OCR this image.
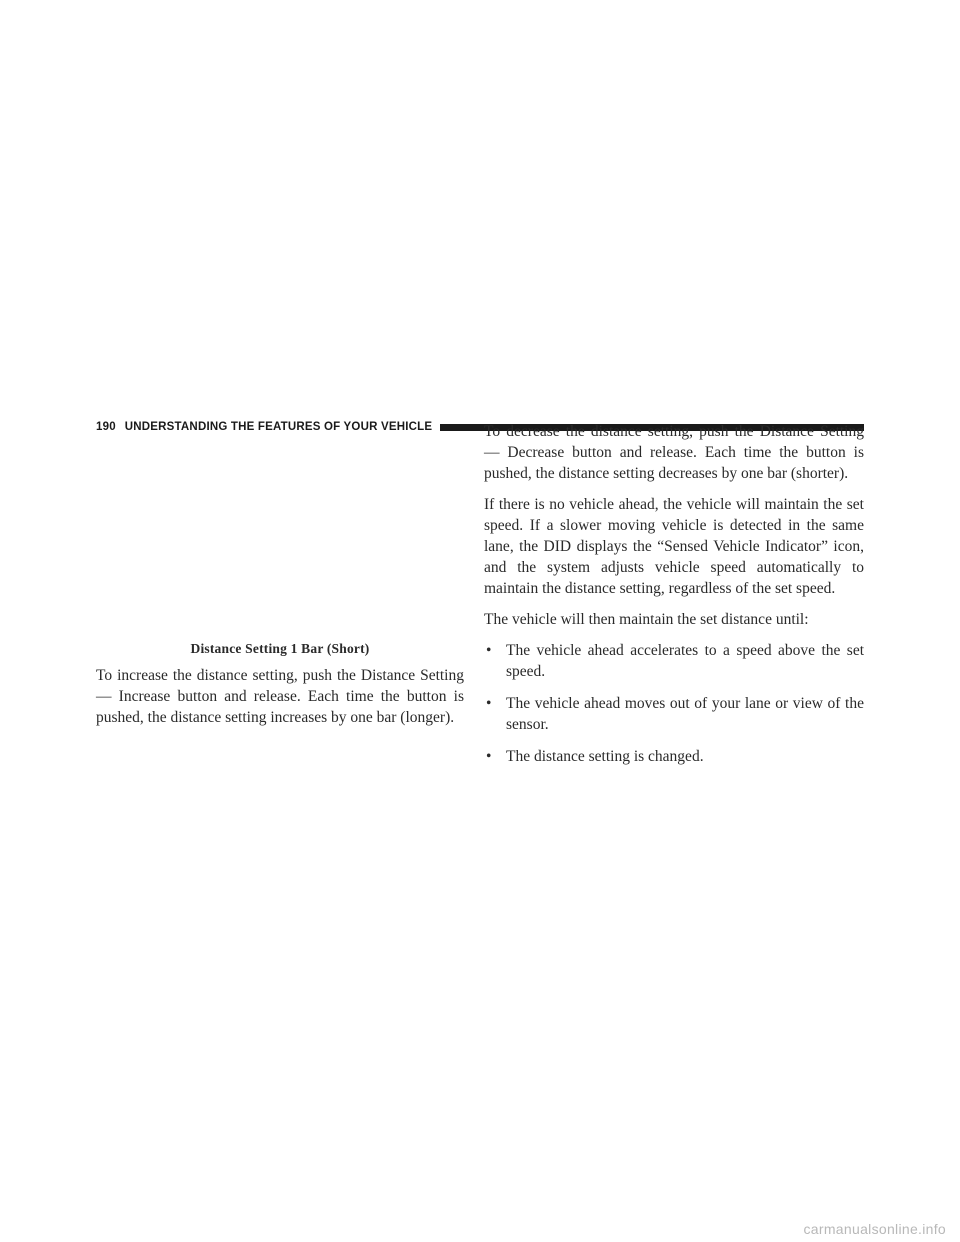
190 UNDERSTANDING THE FEATURES OF YOUR VEHICLE

Distance Setting 1 Bar (Short)

To increase the distance setting, push the Distance Setting — Increase button and release. Each time the button is pushed, the distance setting increases by one bar (longer).

To decrease the distance setting, push the Distance Setting — Decrease button and release. Each time the button is pushed, the distance setting decreases by one bar (shorter).

If there is no vehicle ahead, the vehicle will maintain the set speed. If a slower moving vehicle is detected in the same lane, the DID displays the “Sensed Vehicle Indicator” icon, and the system adjusts vehicle speed automatically to maintain the distance setting, regardless of the set speed.

The vehicle will then maintain the set distance until:

• The vehicle ahead accelerates to a speed above the set speed.
• The vehicle ahead moves out of your lane or view of the sensor.
• The distance setting is changed.
carmanualsonline.info
